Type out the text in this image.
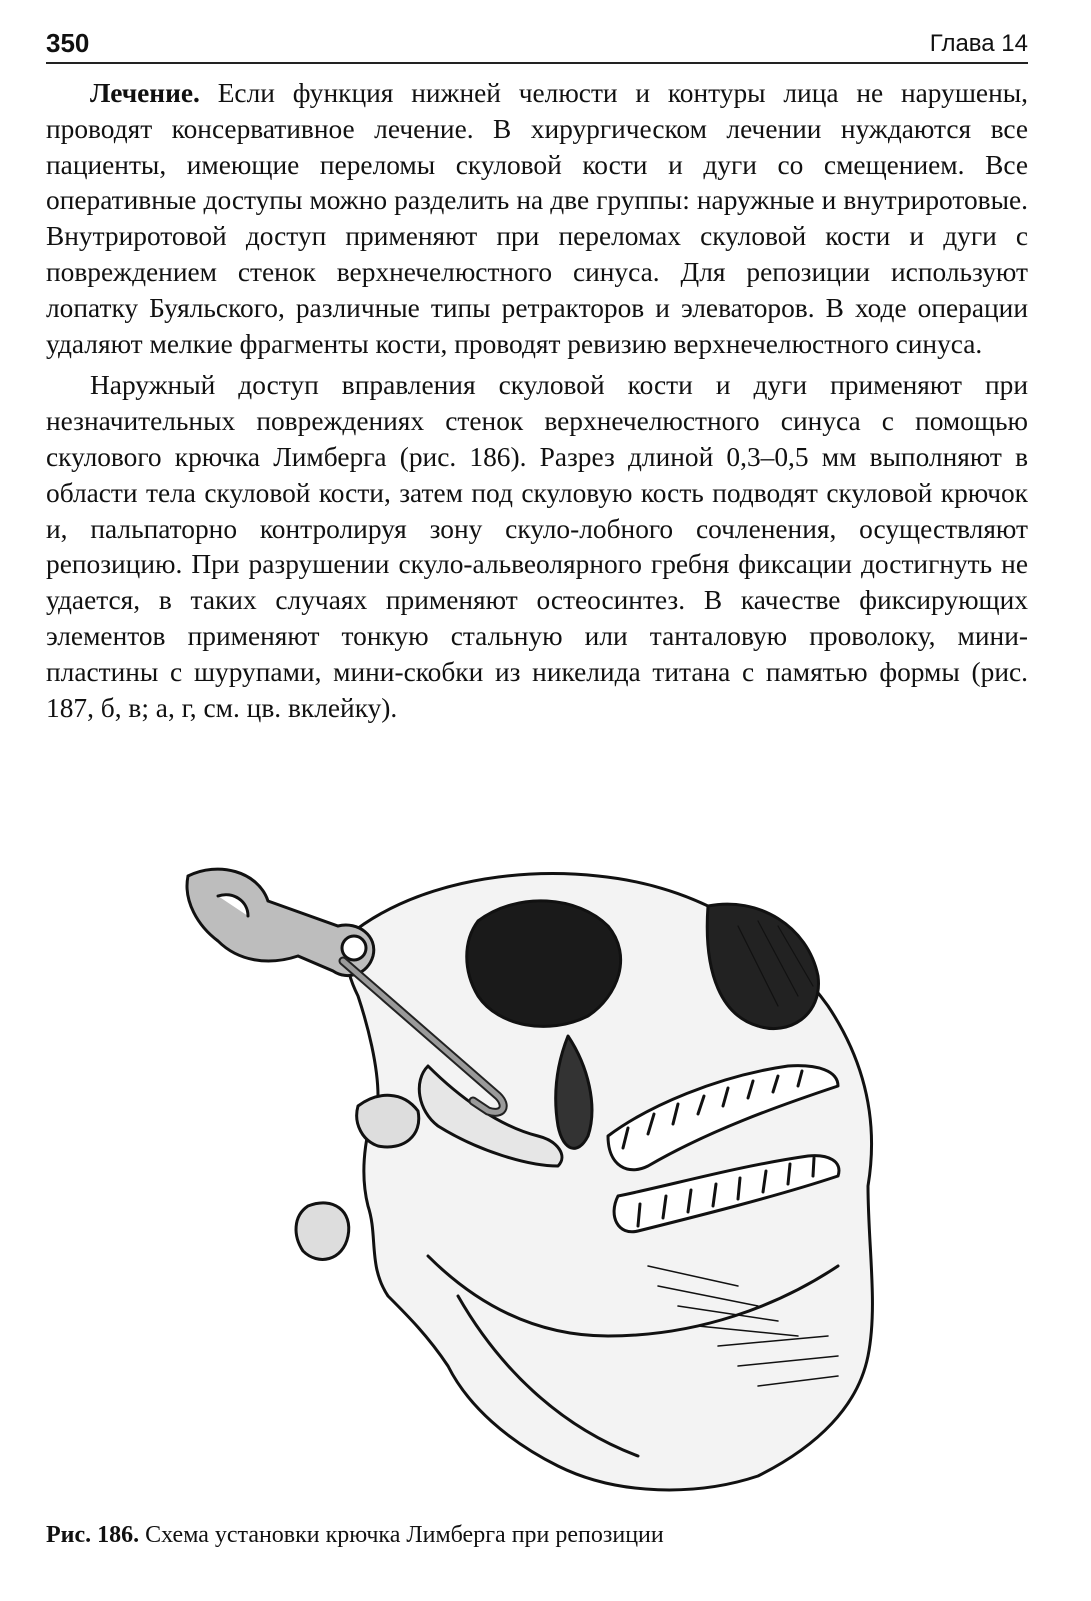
350	Глава 14

Лечение. Если функция нижней челюсти и контуры лица не нарушены, проводят консервативное лечение. В хирургическом лечении нуждаются все пациенты, имеющие переломы скуловой кости и дуги со смещением. Все оперативные доступы можно разделить на две группы: наружные и внутриротовые. Внутриротовой доступ применяют при переломах скуловой кости и дуги с повреждением стенок верхнечелюстного синуса. Для репозиции используют лопатку Буяльского, различные типы ретракторов и элеваторов. В ходе операции удаляют мелкие фрагменты кости, проводят ревизию верхнечелюстного синуса.

Наружный доступ вправления скуловой кости и дуги применяют при незначительных повреждениях стенок верхнечелюстного синуса с помощью скулового крючка Лимберга (рис. 186). Разрез длиной 0,3–0,5 мм выполняют в области тела скуловой кости, затем под скуловую кость подводят скуловой крючок и, пальпаторно контролируя зону скуло-лобного сочленения, осуществляют репозицию. При разрушении скуло-альвеолярного гребня фиксации достигнуть не удается, в таких случаях применяют остеосинтез. В качестве фиксирующих элементов применяют тонкую стальную или танталовую проволоку, мини-пластины с шурупами, мини-скобки из никелида титана с памятью формы (рис. 187, б, в; а, г, см. цв. вклейку).

Рис. 186. Схема установки крючка Лимберга при репозиции
